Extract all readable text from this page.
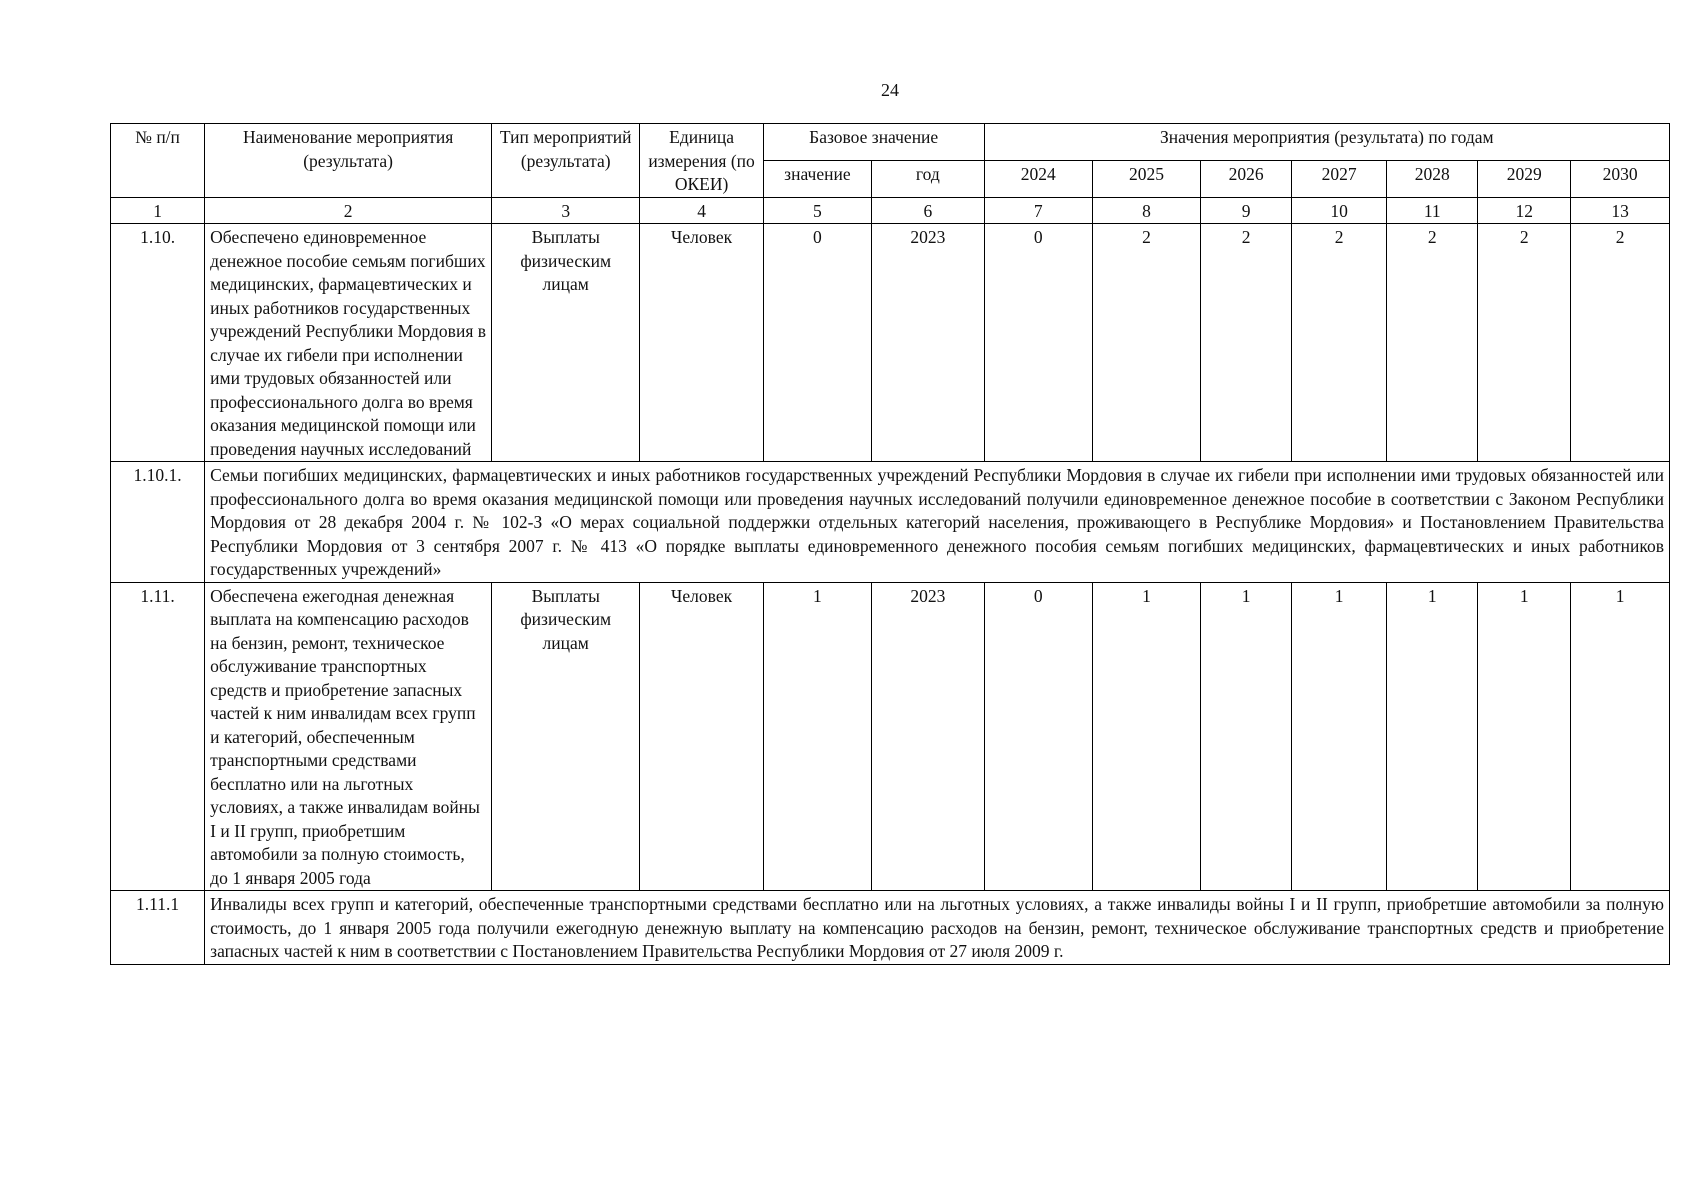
24
№ п/п	Наименование мероприятия (результата)	Тип мероприятий (результата)	Единица измерения (по ОКЕИ)	Базовое значение		Значения мероприятия (результата) по годам						
				значение	год	2024	2025	2026	2027	2028	2029	2030
1	2	3	4	5	6	7	8	9	10	11	12	13
1.10.	Обеспечено единовременное денежное пособие семьям погибших медицинских, фармацевтических и иных работников государственных учреждений Республики Мордовия в случае их гибели при исполнении ими трудовых обязанностей или профессионального долга во время оказания медицинской помощи или проведения научных исследований	Выплаты физическим лицам	Человек	0	2023	0	2	2	2	2	2	2
1.10.1.	Семьи погибших медицинских, фармацевтических и иных работников государственных учреждений Республики Мордовия в случае их гибели при исполнении ими трудовых обязанностей или профессионального долга во время оказания медицинской помощи или проведения научных исследований получили единовременное денежное пособие в соответствии с Законом Республики Мордовия от 28 декабря 2004 г. № 102-З «О мерах социальной поддержки отдельных категорий населения, проживающего в Республике Мордовия» и Постановлением Правительства Республики Мордовия от 3 сентября 2007 г. № 413 «О порядке выплаты единовременного денежного пособия семьям погибших медицинских, фармацевтических и иных работников государственных учреждений»											
1.11.	Обеспечена ежегодная денежная выплата на компенсацию расходов на бензин, ремонт, техническое обслуживание транспортных средств и приобретение запасных частей к ним инвалидам всех групп и категорий, обеспеченным транспортными средствами бесплатно или на льготных условиях, а также инвалидам войны I и II групп, приобретшим автомобили за полную стоимость, до 1 января 2005 года	Выплаты физическим лицам	Человек	1	2023	0	1	1	1	1	1	1
1.11.1	Инвалиды всех групп и категорий, обеспеченные транспортными средствами бесплатно или на льготных условиях, а также инвалиды войны I и II групп, приобретшие автомобили за полную стоимость, до 1 января 2005 года получили ежегодную денежную выплату на компенсацию расходов на бензин, ремонт, техническое обслуживание транспортных средств и приобретение запасных частей к ним в соответствии с Постановлением Правительства Республики Мордовия от 27 июля 2009 г.											
